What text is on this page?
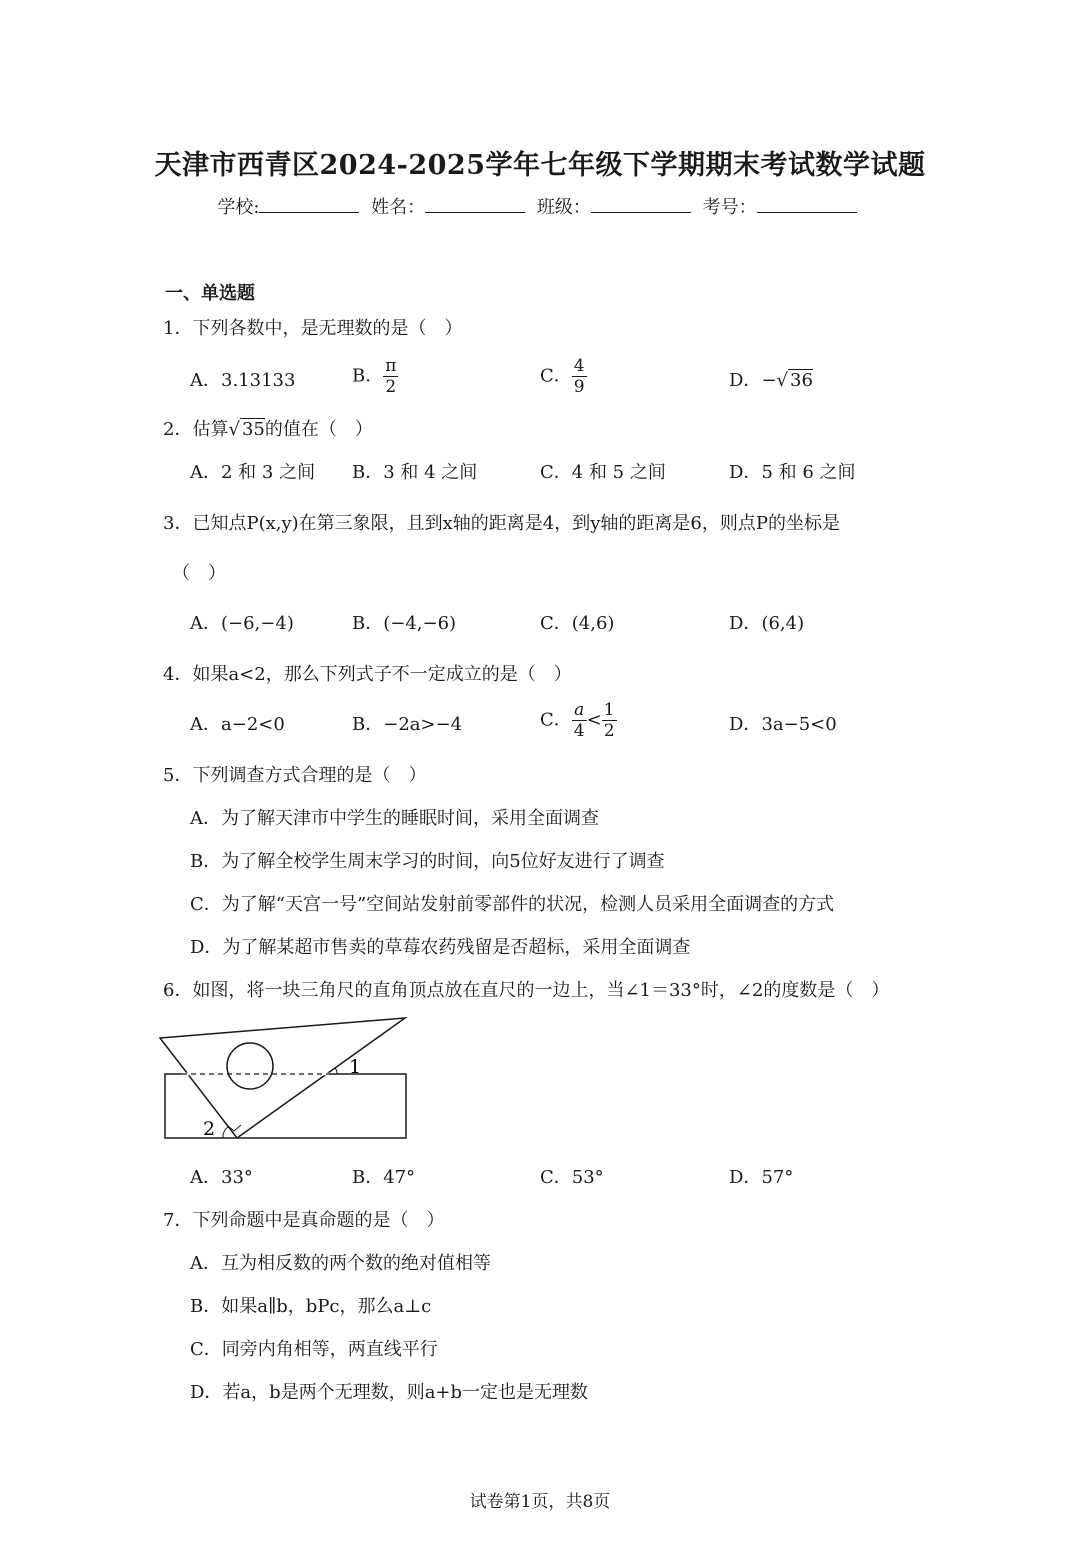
天津市西青区2024-2025学年七年级下学期期末考试数学试题
学校:	姓名：	班级：	考号：
一、单选题
1．下列各数中，是无理数的是（　）
A．3.13133	B． $\frac{\pi}{2}$	C． $\frac{4}{9}$	D．−√ 36
2．估算√ 35的值在（　）
A．2 和 3 之间 B．3 和 4 之间	C．4 和 5 之间	D．5 和 6 之间
3．已知点P(x,y)在第三象限，且到x轴的距离是4，到y轴的距离是6，则点P的坐标是
（　）
A．(−6,−4)	B．(−4,−6)	C．(4,6)	D．(6,4)
4．如果a<2，那么下列式子不一定成立的是（　）
A．a−2<0	B．−2a>−4	C． $\frac{a}{4} < \frac{1}{2}$	D．3a−5<0
5．下列调查方式合理的是（　）
A．为了解天津市中学生的睡眠时间，采用全面调查
B．为了解全校学生周末学习的时间，向5位好友进行了调查
C．为了解“天宫一号”空间站发射前零部件的状况，检测人员采用全面调查的方式
D．为了解某超市售卖的草莓农药残留是否超标，采用全面调查
6．如图，将一块三角尺的直角顶点放在直尺的一边上，当∠1＝33°时，∠2的度数是（　）
1
2
A．33°	B．47°	C．53°	D．57°
7．下列命题中是真命题的是（　）
A．互为相反数的两个数的绝对值相等
B．如果a∥b，bPc，那么a⊥c
C．同旁内角相等，两直线平行
D．若a，b是两个无理数，则a+b一定也是无理数
试卷第1页，共8页
